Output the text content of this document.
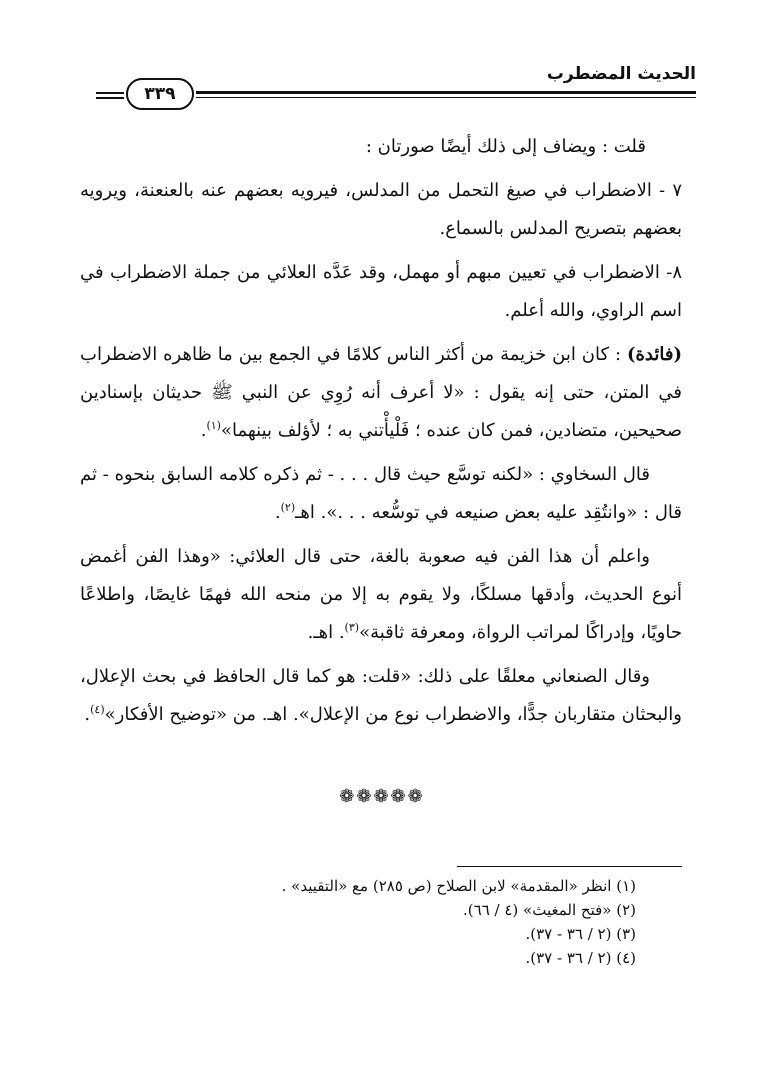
الحديث المضطرب
٣٣٩

قلت : ويضاف إلى ذلك أيضًا صورتان :

٧ - الاضطراب في صيغ التحمل من المدلس، فيرويه بعضهم عنه بالعنعنة، ويرويه بعضهم بتصريح المدلس بالسماع.

٨- الاضطراب في تعيين مبهم أو مهمل، وقد عَدَّه العلائي من جملة الاضطراب في اسم الراوي، والله أعلم.

(فائدة) : كان ابن خزيمة من أكثر الناس كلامًا في الجمع بين ما ظاهره الاضطراب في المتن، حتى إنه يقول : «لا أعرف أنه رُوِي عن النبي ﷺ حديثان بإسنادين صحيحين، متضادين، فمن كان عنده ؛ فَلْيأْتني به ؛ لأؤلف بينهما»$^{(١)}$.

قال السخاوي : «لكنه توسَّع حيث قال . . . - ثم ذكره كلامه السابق بنحوه - ثم قال : «وانتُقِد عليه بعض صنيعه في توسُّعه . . .». اهـ$^{(٢)}$.

واعلم أن هذا الفن فيه صعوبة بالغة، حتى قال العلائي: «وهذا الفن أغمض أنوع الحديث، وأدقها مسلكًا، ولا يقوم به إلا من منحه الله فهمًا غايصًا، واطلاعًا حاويًا، وإدراكًا لمراتب الرواة، ومعرفة ثاقبة»$^{(٣)}$. اهـ.

وقال الصنعاني معلقًا على ذلك: «قلت: هو كما قال الحافظ في بحث الإعلال، والبحثان متقاربان جدًّا، والاضطراب نوع من الإعلال». اهـ. من «توضيح الأفكار»$^{(٤)}$.

❁❁❁❁❁
(١) انظر «المقدمة» لابن الصلاح (ص ٢٨٥) مع «التقييد» .
(٢) «فتح المغيث» (٤ / ٦٦).
(٣) (٢ / ٣٦ - ٣٧).
(٤) (٢ / ٣٦ - ٣٧).
